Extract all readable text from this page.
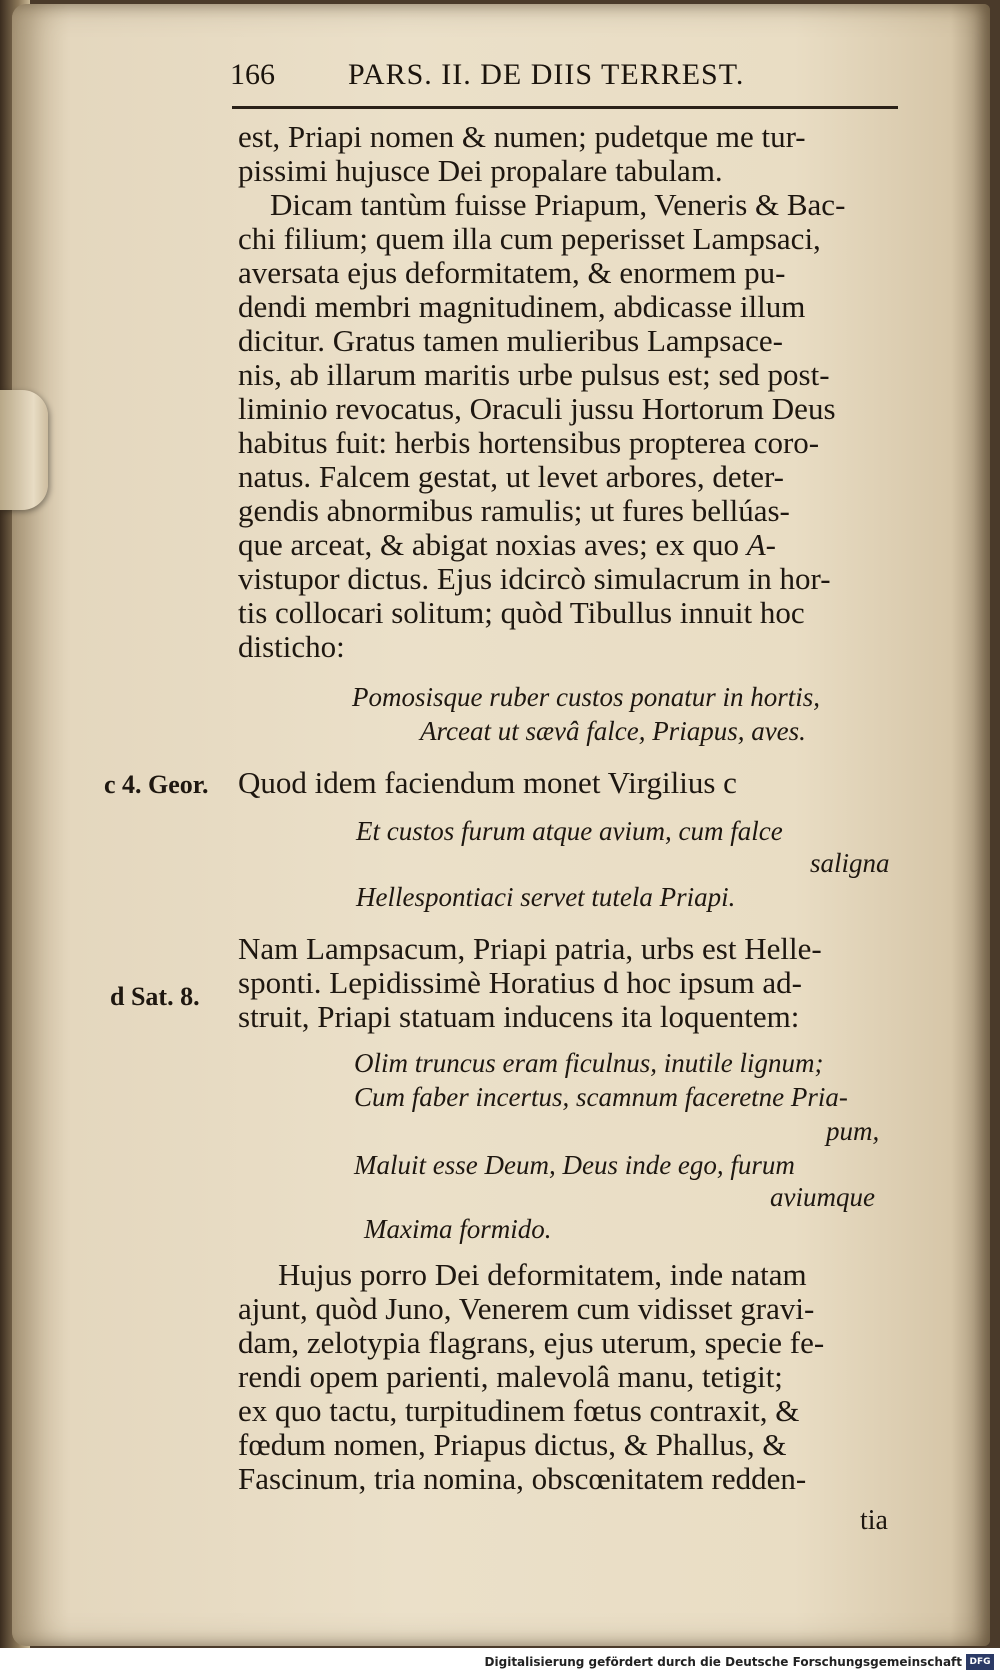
166 PARS. II. DE DIIS TERREST.

est, Priapi nomen & numen; pudetque me tur-

pissimi hujusce Dei propalare tabulam.

Dicam tantùm fuisse Priapum, Veneris & Bac-

chi filium; quem illa cum peperisset Lampsaci,

aversata ejus deformitatem, & enormem pu-

dendi membri magnitudinem, abdicasse illum

dicitur. Gratus tamen mulieribus Lampsace-

nis, ab illarum maritis urbe pulsus est; sed post-

liminio revocatus, Oraculi jussu Hortorum Deus

habitus fuit: herbis hortensibus propterea coro-

natus. Falcem gestat, ut levet arbores, deter-

gendis abnormibus ramulis; ut fures bellúas-

que arceat, & abigat noxias aves; ex quo A-

vistupor dictus. Ejus idcircò simulacrum in hor-

tis collocari solitum; quòd Tibullus innuit hoc

disticho:

Pomosisque ruber custos ponatur in hortis,

Arceat ut sævâ falce, Priapus, aves.

c 4. Geor. Quod idem faciendum monet Virgilius c

Et custos furum atque avium, cum falce

saligna

Hellespontiaci servet tutela Priapi.

Nam Lampsacum, Priapi patria, urbs est Helle-

d Sat. 8. sponti. Lepidissimè Horatius d hoc ipsum ad-

struit, Priapi statuam inducens ita loquentem:

Olim truncus eram ficulnus, inutile lignum;

Cum faber incertus, scamnum faceretne Pria-

pum,

Maluit esse Deum, Deus inde ego, furum

aviumque

Maxima formido.

Hujus porro Dei deformitatem, inde natam

ajunt, quòd Juno, Venerem cum vidisset gravi-

dam, zelotypia flagrans, ejus uterum, specie fe-

rendi opem parienti, malevolâ manu, tetigit;

ex quo tactu, turpitudinem fœtus contraxit, &

fœdum nomen, Priapus dictus, & Phallus, &

Fascinum, tria nomina, obscœnitatem redden-

tia
Digitalisierung gefördert durch die Deutsche Forschungsgemeinschaft DFG
